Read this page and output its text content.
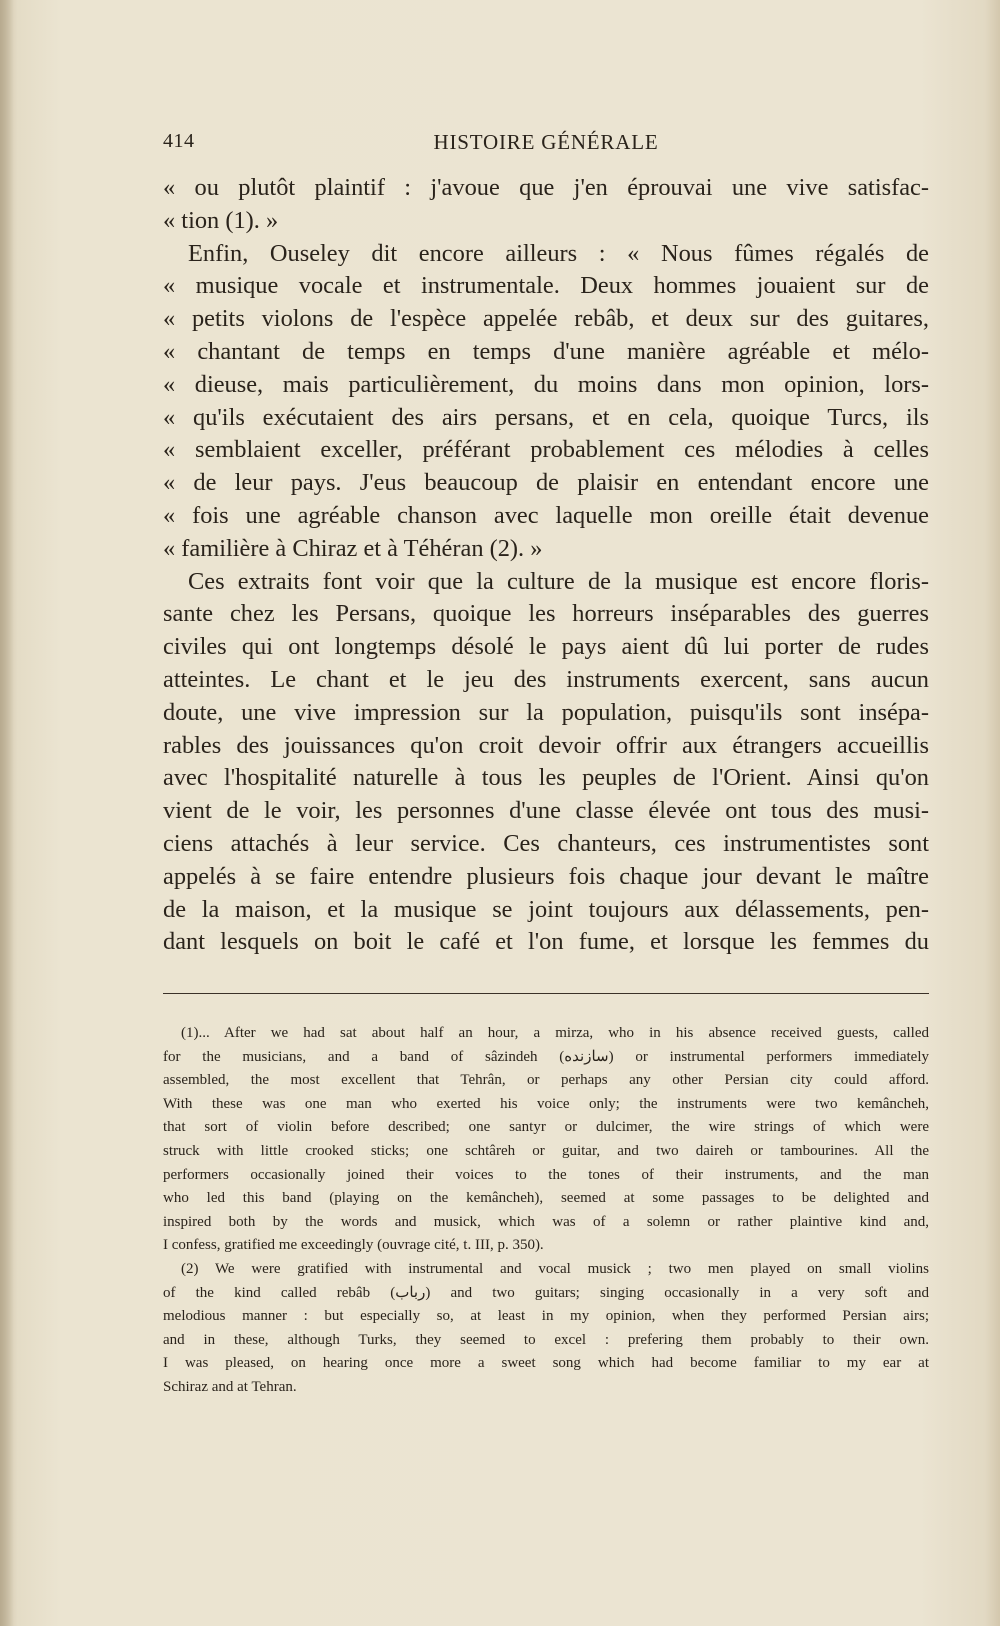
414	HISTOIRE GÉNÉRALE
« ou plutôt plaintif : j'avoue que j'en éprouvai une vive satisfac-
« tion (1). »
Enfin, Ouseley dit encore ailleurs : « Nous fûmes régalés de
« musique vocale et instrumentale. Deux hommes jouaient sur de
« petits violons de l'espèce appelée rebâb, et deux sur des guitares,
« chantant de temps en temps d'une manière agréable et mélo-
« dieuse, mais particulièrement, du moins dans mon opinion, lors-
« qu'ils exécutaient des airs persans, et en cela, quoique Turcs, ils
« semblaient exceller, préférant probablement ces mélodies à celles
« de leur pays. J'eus beaucoup de plaisir en entendant encore une
« fois une agréable chanson avec laquelle mon oreille était devenue
« familière à Chiraz et à Téhéran (2). »
Ces extraits font voir que la culture de la musique est encore floris-
sante chez les Persans, quoique les horreurs inséparables des guerres
civiles qui ont longtemps désolé le pays aient dû lui porter de rudes
atteintes. Le chant et le jeu des instruments exercent, sans aucun
doute, une vive impression sur la population, puisqu'ils sont insépa-
rables des jouissances qu'on croit devoir offrir aux étrangers accueillis
avec l'hospitalité naturelle à tous les peuples de l'Orient. Ainsi qu'on
vient de le voir, les personnes d'une classe élevée ont tous des musi-
ciens attachés à leur service. Ces chanteurs, ces instrumentistes sont
appelés à se faire entendre plusieurs fois chaque jour devant le maître
de la maison, et la musique se joint toujours aux délassements, pen-
dant lesquels on boit le café et l'on fume, et lorsque les femmes du
(1)... After we had sat about half an hour, a mirza, who in his absence received guests, called
for the musicians, and a band of sâzindeh (سازنده) or instrumental performers immediately
assembled, the most excellent that Tehrân, or perhaps any other Persian city could afford.
With these was one man who exerted his voice only; the instruments were two kemâncheh,
that sort of violin before described; one santyr or dulcimer, the wire strings of which were
struck with little crooked sticks; one schtâreh or guitar, and two daireh or tambourines. All the
performers occasionally joined their voices to the tones of their instruments, and the man
who led this band (playing on the kemâncheh), seemed at some passages to be delighted and
inspired both by the words and musick, which was of a solemn or rather plaintive kind and,
I confess, gratified me exceedingly (ouvrage cité, t. III, p. 350).
(2) We were gratified with instrumental and vocal musick ; two men played on small violins
of the kind called rebâb (رباب) and two guitars; singing occasionally in a very soft and
melodious manner : but especially so, at least in my opinion, when they performed Persian airs;
and in these, although Turks, they seemed to excel : prefering them probably to their own.
I was pleased, on hearing once more a sweet song which had become familiar to my ear at
Schiraz and at Tehran.
